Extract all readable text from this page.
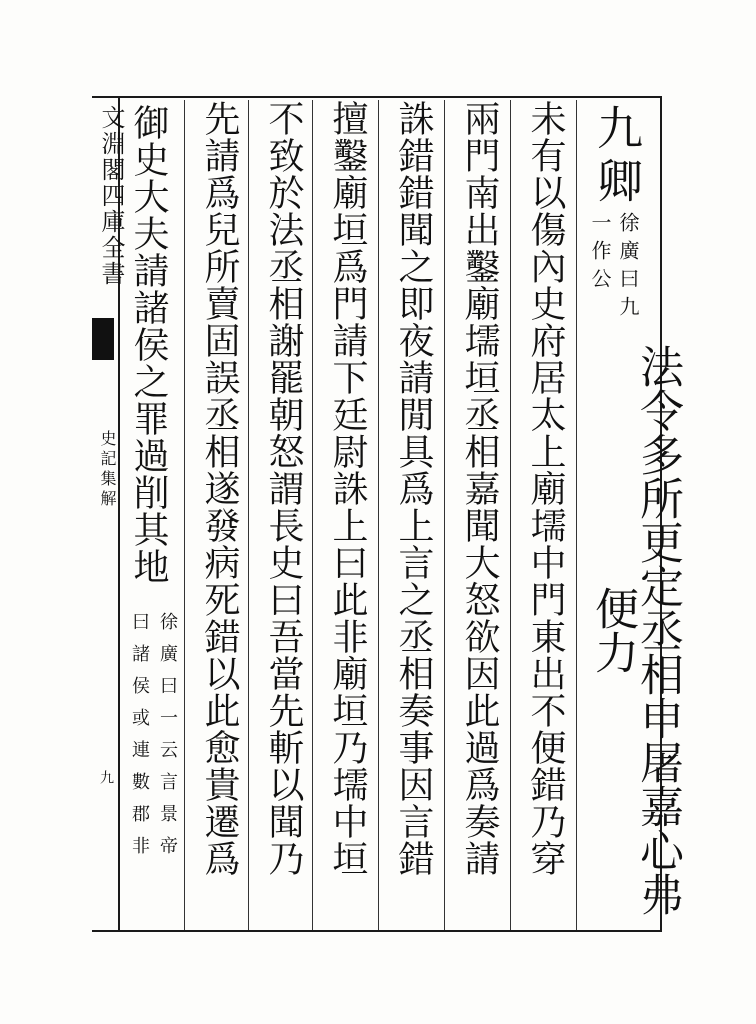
文淵閣四庫全書
史記集解
九
九卿
徐廣曰九
一作公
法令多所更定丞相申屠嘉心弗便力
未有以傷內史府居太上廟壖中門東出不便錯乃穿
兩門南出鑿廟壖垣丞相嘉聞大怒欲因此過爲奏請
誅錯錯聞之即夜請閒具爲上言之丞相奏事因言錯
擅鑿廟垣爲門請下廷尉誅上曰此非廟垣乃壖中垣
不致於法丞相謝罷朝怒謂長史曰吾當先斬以聞乃
先請爲兒所賣固誤丞相遂發病死錯以此愈貴遷爲
御史大夫請諸侯之罪過削其地
徐廣曰一云言景帝
曰諸侯或連數郡非
